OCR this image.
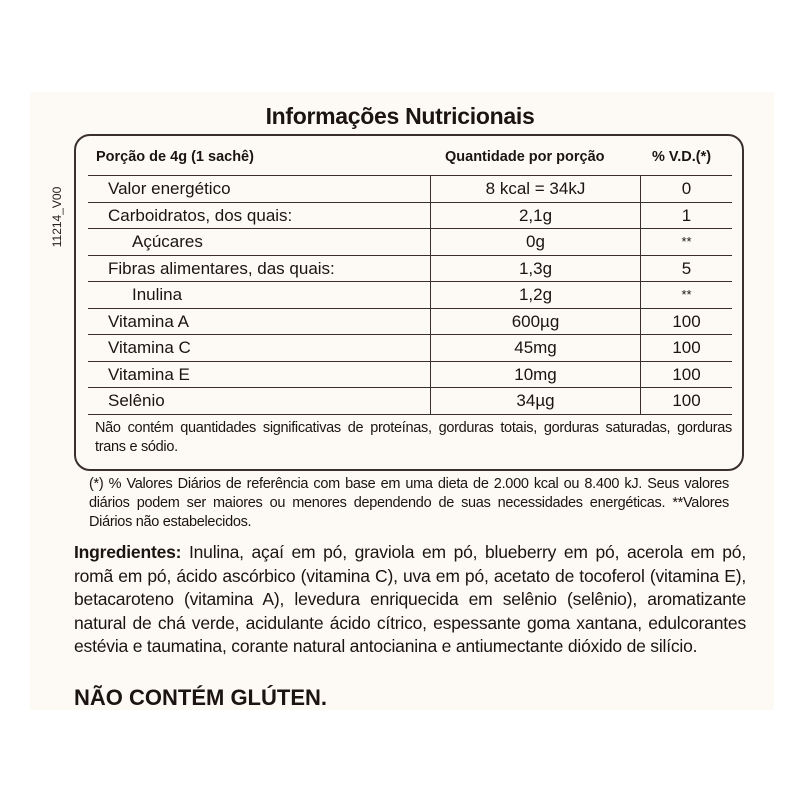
11214_V00
Informações Nutricionais
Porção de 4g (1 sachê)	Quantidade por porção	% V.D.(*)
Valor energético	8 kcal = 34kJ	0
Carboidratos, dos quais:	2,1g	1
Açúcares	0g	**
Fibras alimentares, das quais:	1,3g	5
Inulina	1,2g	**
Vitamina A	600µg	100
Vitamina C	45mg	100
Vitamina E	10mg	100
Selênio	34µg	100
Não contém quantidades significativas de proteínas, gorduras totais, gorduras saturadas, gorduras trans e sódio.
(*) % Valores Diários de referência com base em uma dieta de 2.000 kcal ou 8.400 kJ. Seus valores diários podem ser maiores ou menores dependendo de suas necessidades energéticas. **Valores Diários não estabelecidos.
Ingredientes: Inulina, açaí em pó, graviola em pó, blueberry em pó, acerola em pó, romã em pó, ácido ascórbico (vitamina C), uva em pó, acetato de tocoferol (vitamina E), betacaroteno (vitamina A), levedura enriquecida em selênio (selênio), aromatizante natural de chá verde, acidulante ácido cítrico, espessante goma xantana, edulcorantes estévia e taumatina, corante natural antocianina e antiumectante dióxido de silício.
NÃO CONTÉM GLÚTEN.
